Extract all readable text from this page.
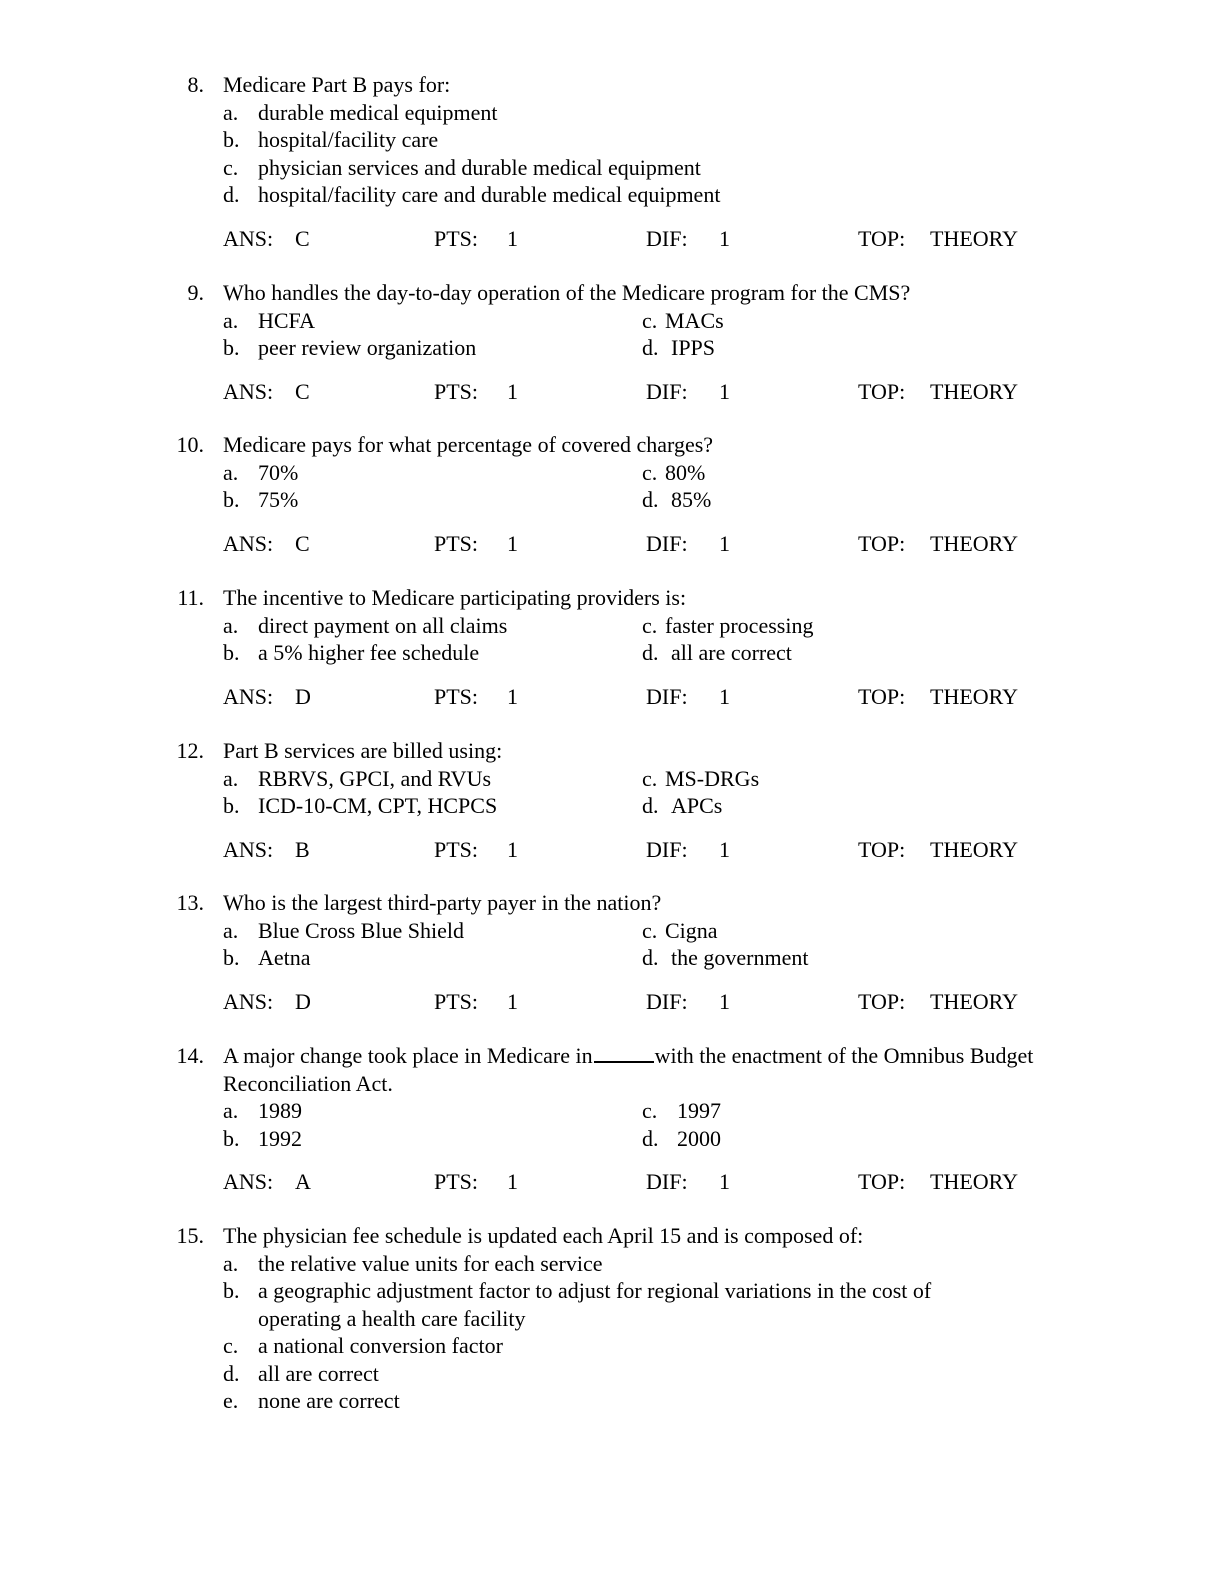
8. Medicare Part B pays for:
a. durable medical equipment
b. hospital/facility care
c. physician services and durable medical equipment
d. hospital/facility care and durable medical equipment
ANS: C	PTS: 1	DIF: 1	TOP: THEORY
9. Who handles the day-to-day operation of the Medicare program for the CMS?
a. HCFA	c. MACs
b. peer review organization	d. IPPS
ANS: C	PTS: 1	DIF: 1	TOP: THEORY
10. Medicare pays for what percentage of covered charges?
a. 70%	c. 80%
b. 75%	d. 85%
ANS: C	PTS: 1	DIF: 1	TOP: THEORY
11. The incentive to Medicare participating providers is:
a. direct payment on all claims	c. faster processing
b. a 5% higher fee schedule	d. all are correct
ANS: D	PTS: 1	DIF: 1	TOP: THEORY
12. Part B services are billed using:
a. RBRVS, GPCI, and RVUs	c. MS-DRGs
b. ICD-10-CM, CPT, HCPCS	d. APCs
ANS: B	PTS: 1	DIF: 1	TOP: THEORY
13. Who is the largest third-party payer in the nation?
a. Blue Cross Blue Shield	c. Cigna
b. Aetna	d. the government
ANS: D	PTS: 1	DIF: 1	TOP: THEORY
14. A major change took place in Medicare in	with the enactment of the Omnibus Budget
Reconciliation Act.
a. 1989	c. 1997
b. 1992	d. 2000
ANS: A	PTS: 1	DIF: 1	TOP: THEORY
15. The physician fee schedule is updated each April 15 and is composed of:
a. the relative value units for each service
b. a geographic adjustment factor to adjust for regional variations in the cost of
operating a health care facility
c. a national conversion factor
d. all are correct
e. none are correct
